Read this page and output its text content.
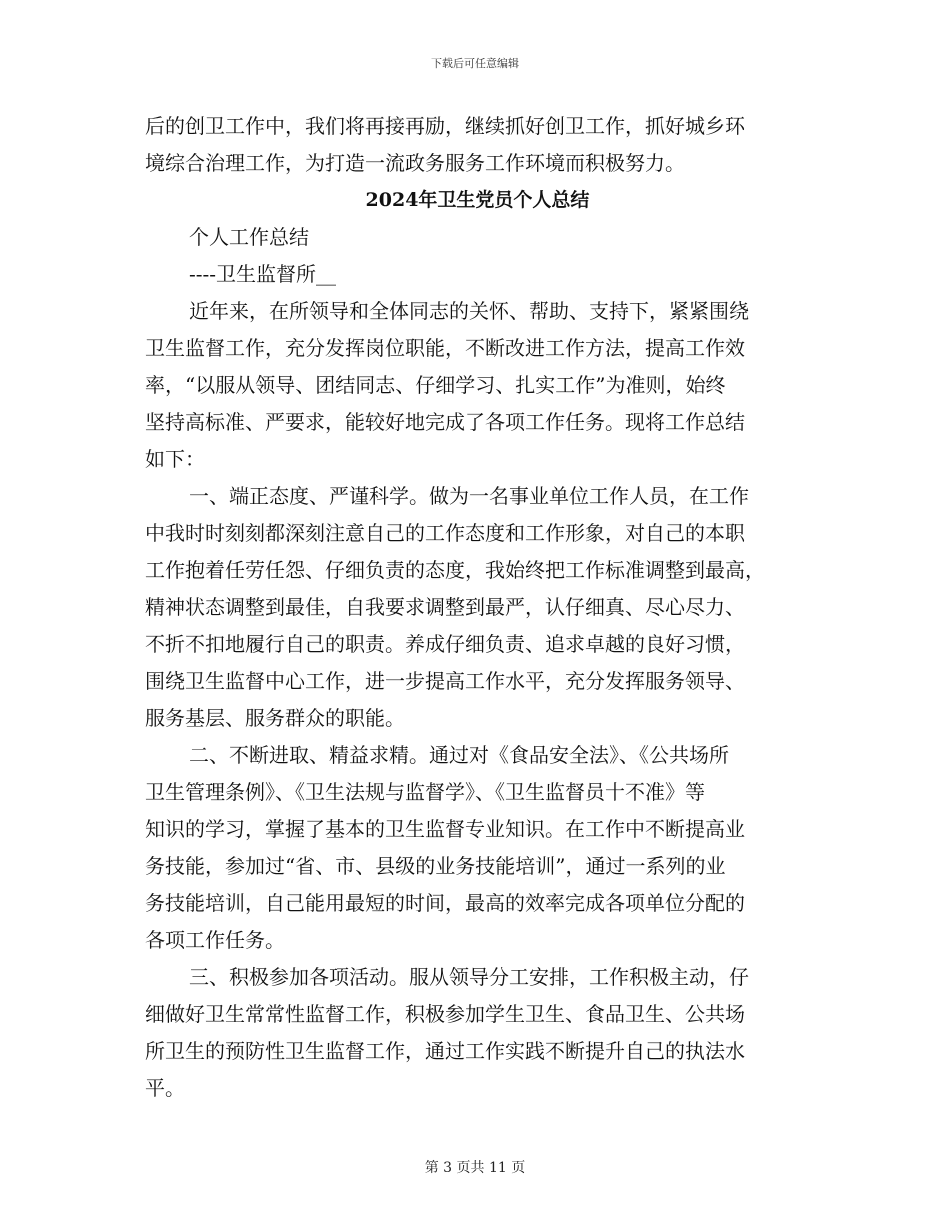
下载后可任意编辑
后的创卫工作中，我们将再接再励，继续抓好创卫工作，抓好城乡环
境综合治理工作，为打造一流政务服务工作环境而积极努力。
2024年卫生党员个人总结
个人工作总结
----卫生监督所__
近年来，在所领导和全体同志的关怀、帮助、支持下，紧紧围绕
卫生监督工作，充分发挥岗位职能，不断改进工作方法，提高工作效
率，“以服从领导、团结同志、仔细学习、扎实工作”为准则，始终
坚持高标准、严要求，能较好地完成了各项工作任务。现将工作总结
如下：
一、端正态度、严谨科学。做为一名事业单位工作人员，在工作
中我时时刻刻都深刻注意自己的工作态度和工作形象，对自己的本职
工作抱着任劳任怨、仔细负责的态度，我始终把工作标准调整到最高，
精神状态调整到最佳，自我要求调整到最严，认仔细真、尽心尽力、
不折不扣地履行自己的职责。养成仔细负责、追求卓越的良好习惯，
围绕卫生监督中心工作，进一步提高工作水平，充分发挥服务领导、
服务基层、服务群众的职能。
二、不断进取、精益求精。通过对《食品安全法》、《公共场所
卫生管理条例》、《卫生法规与监督学》、《卫生监督员十不准》等
知识的学习，掌握了基本的卫生监督专业知识。在工作中不断提高业
务技能，参加过“省、市、县级的业务技能培训”，通过一系列的业
务技能培训，自己能用最短的时间，最高的效率完成各项单位分配的
各项工作任务。
三、积极参加各项活动。服从领导分工安排，工作积极主动，仔
细做好卫生常常性监督工作，积极参加学生卫生、食品卫生、公共场
所卫生的预防性卫生监督工作，通过工作实践不断提升自己的执法水
平。
第 3 页共 11 页
